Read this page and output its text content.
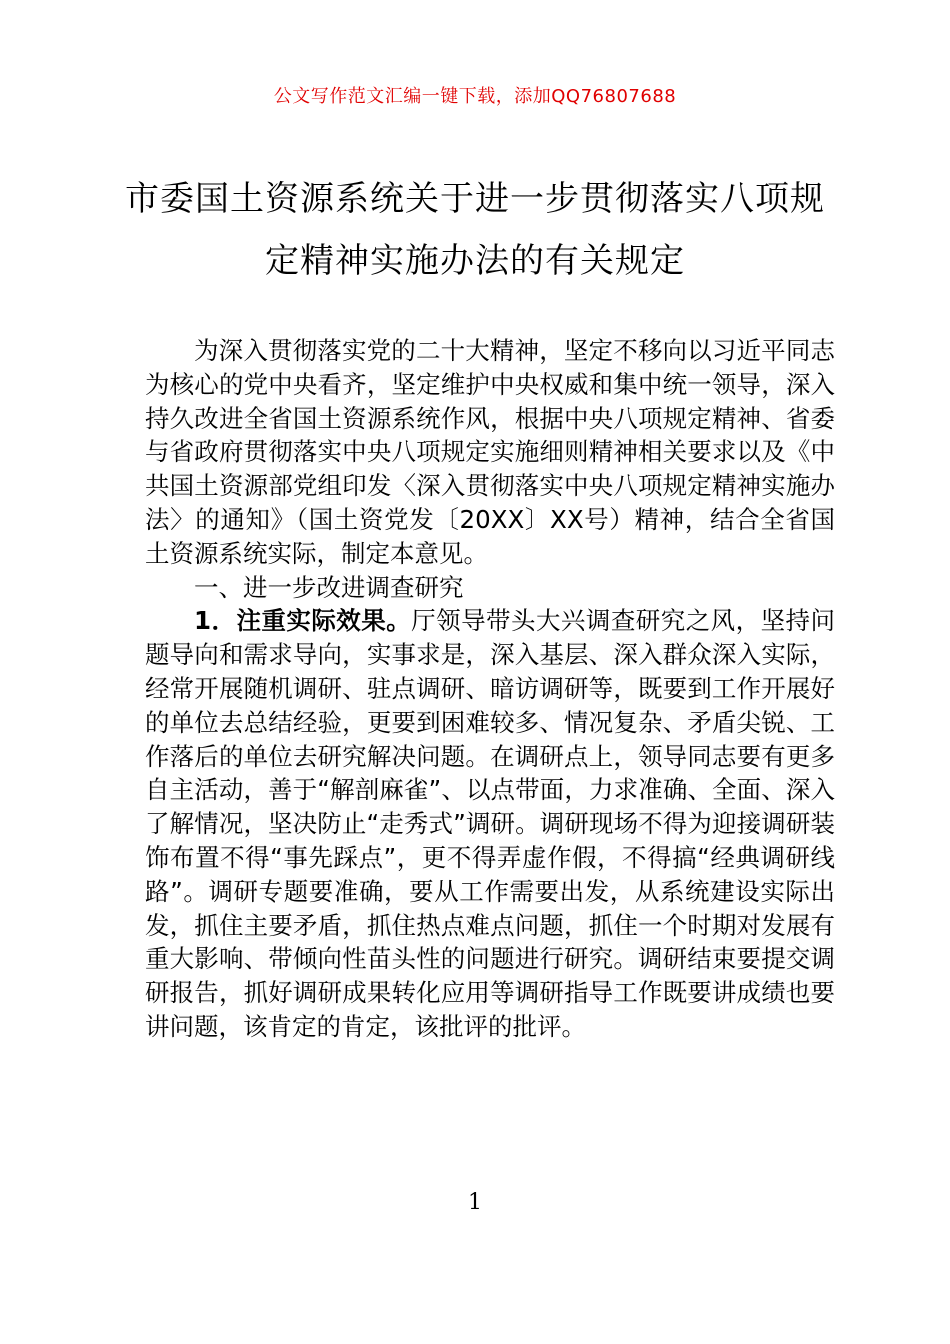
公文写作范文汇编一键下载，添加QQ76807688
市委国土资源系统关于进一步贯彻落实八项规定精神实施办法的有关规定

为深入贯彻落实党的二十大精神，坚定不移向以习近平同志为核心的党中央看齐，坚定维护中央权威和集中统一领导，深入持久改进全省国土资源系统作风，根据中央八项规定精神、省委与省政府贯彻落实中央八项规定实施细则精神相关要求以及《中共国土资源部党组印发〈深入贯彻落实中央八项规定精神实施办法〉的通知》（国土资党发〔20XX〕XX号）精神，结合全省国土资源系统实际，制定本意见。

一、进一步改进调查研究

1．注重实际效果。厅领导带头大兴调查研究之风，坚持问题导向和需求导向，实事求是，深入基层、深入群众深入实际，经常开展随机调研、驻点调研、暗访调研等，既要到工作开展好的单位去总结经验，更要到困难较多、情况复杂、矛盾尖锐、工作落后的单位去研究解决问题。在调研点上，领导同志要有更多自主活动，善于“解剖麻雀”、以点带面，力求准确、全面、深入了解情况，坚决防止“走秀式”调研。调研现场不得为迎接调研装饰布置不得“事先踩点”，更不得弄虚作假，不得搞“经典调研线路”。调研专题要准确，要从工作需要出发，从系统建设实际出发，抓住主要矛盾，抓住热点难点问题，抓住一个时期对发展有重大影响、带倾向性苗头性的问题进行研究。调研结束要提交调研报告，抓好调研成果转化应用等调研指导工作既要讲成绩也要讲问题，该肯定的肯定，该批评的批评。

1
